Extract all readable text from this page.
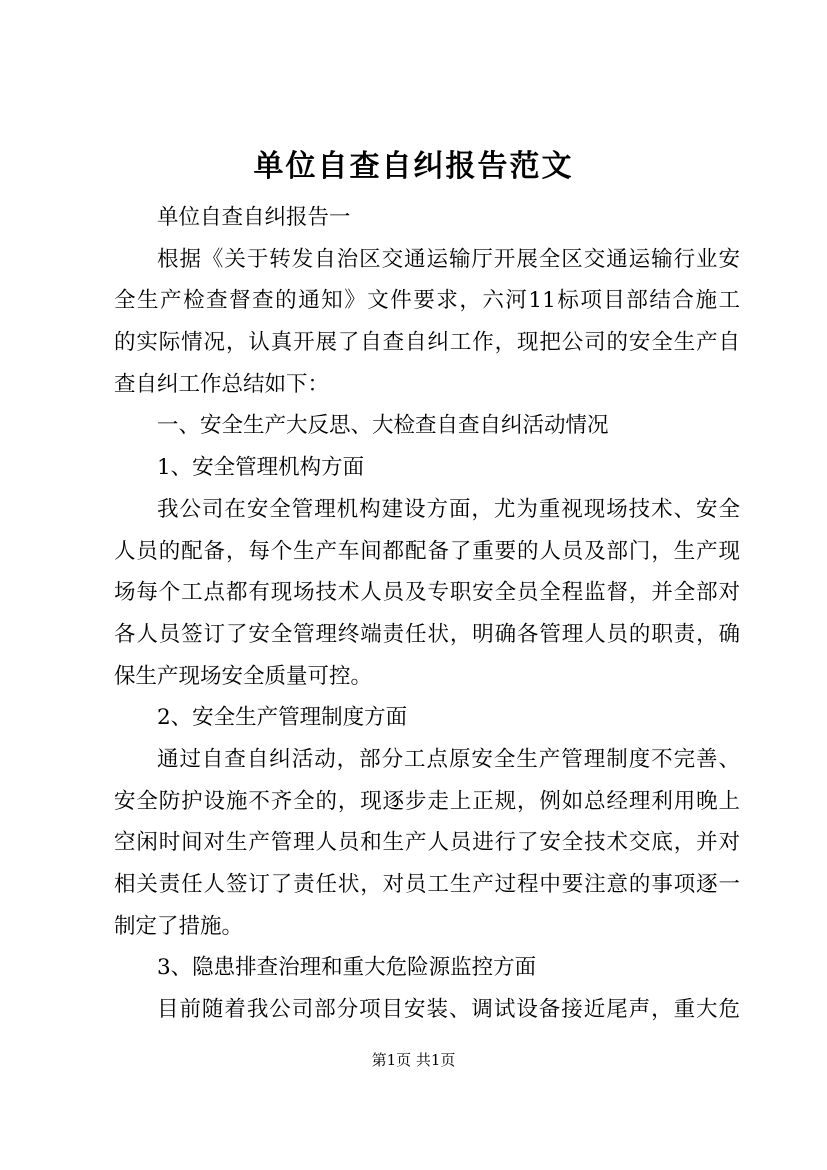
单位自查自纠报告范文
单位自查自纠报告一
根据《关于转发自治区交通运输厅开展全区交通运输行业安
全生产检查督查的通知》文件要求，六河11标项目部结合施工
的实际情况，认真开展了自查自纠工作，现把公司的安全生产自
查自纠工作总结如下：
一、安全生产大反思、大检查自查自纠活动情况
1、安全管理机构方面
我公司在安全管理机构建设方面，尤为重视现场技术、安全
人员的配备，每个生产车间都配备了重要的人员及部门，生产现
场每个工点都有现场技术人员及专职安全员全程监督，并全部对
各人员签订了安全管理终端责任状，明确各管理人员的职责，确
保生产现场安全质量可控。
2、安全生产管理制度方面
通过自查自纠活动，部分工点原安全生产管理制度不完善、
安全防护设施不齐全的，现逐步走上正规，例如总经理利用晚上
空闲时间对生产管理人员和生产人员进行了安全技术交底，并对
相关责任人签订了责任状，对员工生产过程中要注意的事项逐一
制定了措施。
3、隐患排查治理和重大危险源监控方面
目前随着我公司部分项目安装、调试设备接近尾声，重大危
第1页 共1页
